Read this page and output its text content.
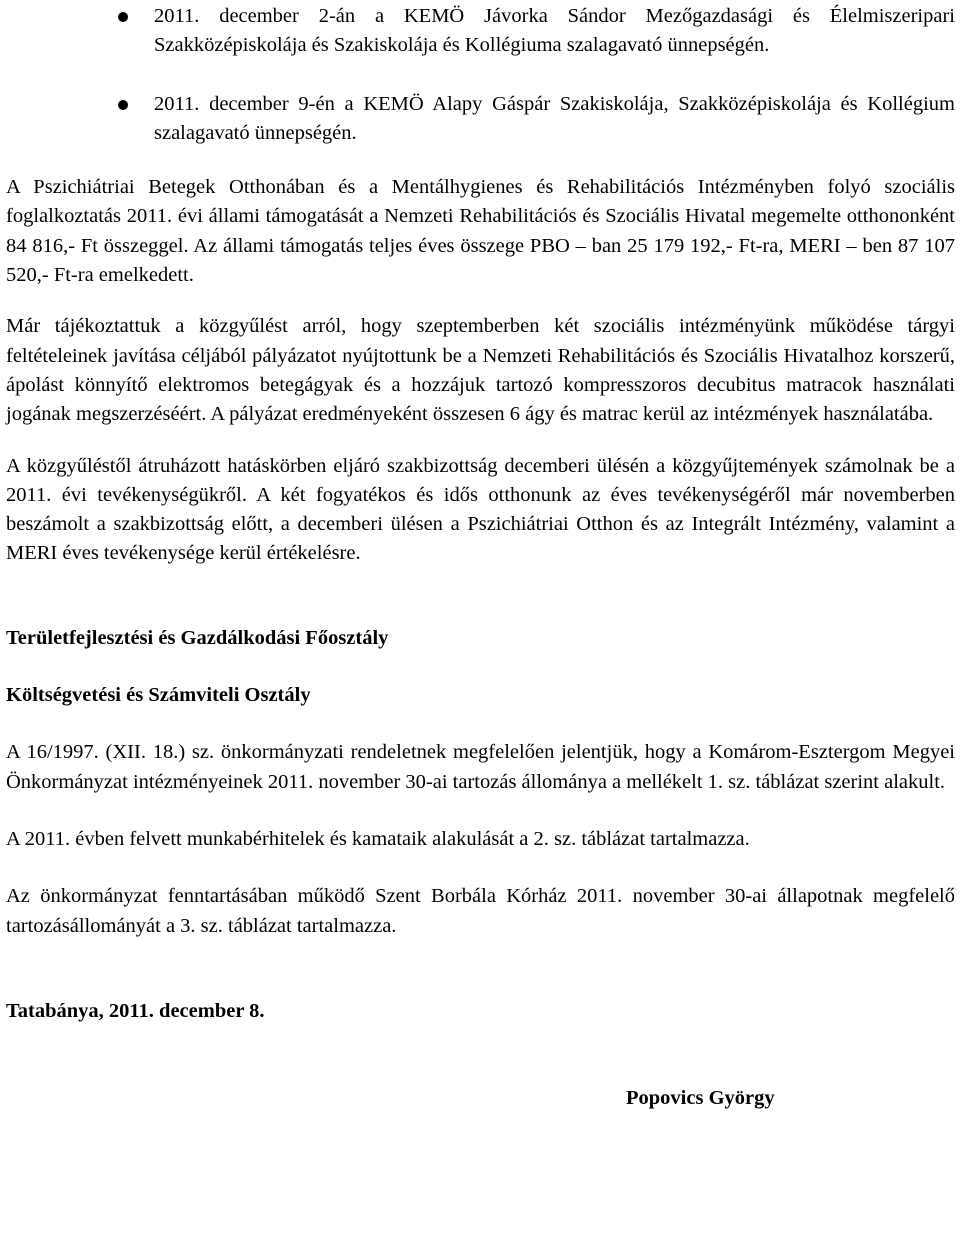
2011. december 2-án a KEMÖ Jávorka Sándor Mezőgazdasági és Élelmiszeripari Szakközépiskolája és Szakiskolája és Kollégiuma szalagavató ünnepségén.
2011. december 9-én a KEMÖ Alapy Gáspár Szakiskolája, Szakközépiskolája és Kollégium szalagavató ünnepségén.

A Pszichiátriai Betegek Otthonában és a Mentálhygienes és Rehabilitációs Intézményben folyó szociális foglalkoztatás 2011. évi állami támogatását a Nemzeti Rehabilitációs és Szociális Hivatal megemelte otthononként 84 816,- Ft összeggel. Az állami támogatás teljes éves összege PBO – ban 25 179 192,- Ft-ra, MERI – ben 87 107 520,- Ft-ra emelkedett.

Már tájékoztattuk a közgyűlést arról, hogy szeptemberben két szociális intézményünk működése tárgyi feltételeinek javítása céljából pályázatot nyújtottunk be a Nemzeti Rehabilitációs és Szociális Hivatalhoz korszerű, ápolást könnyítő elektromos betegágyak és a hozzájuk tartozó kompresszoros decubitus matracok használati jogának megszerzéséért. A pályázat eredményeként összesen 6 ágy és matrac kerül az intézmények használatába.

A közgyűléstől átruházott hatáskörben eljáró szakbizottság decemberi ülésén a közgyűjtemények számolnak be a 2011. évi tevékenységükről. A két fogyatékos és idős otthonunk az éves tevékenységéről már novemberben beszámolt a szakbizottság előtt, a decemberi ülésen a Pszichiátriai Otthon és az Integrált Intézmény, valamint a MERI éves tevékenysége kerül értékelésre.

Területfejlesztési és Gazdálkodási Főosztály

Költségvetési és Számviteli Osztály

A 16/1997. (XII. 18.) sz. önkormányzati rendeletnek megfelelően jelentjük, hogy a Komárom-Esztergom Megyei Önkormányzat intézményeinek 2011. november 30-ai tartozás állománya a mellékelt 1. sz. táblázat szerint alakult.

A 2011. évben felvett munkabérhitelek és kamataik alakulását a 2. sz. táblázat tartalmazza.

Az önkormányzat fenntartásában működő Szent Borbála Kórház 2011. november 30-ai állapotnak megfelelő tartozásállományát a 3. sz. táblázat tartalmazza.

Tatabánya, 2011. december 8.

Popovics György
